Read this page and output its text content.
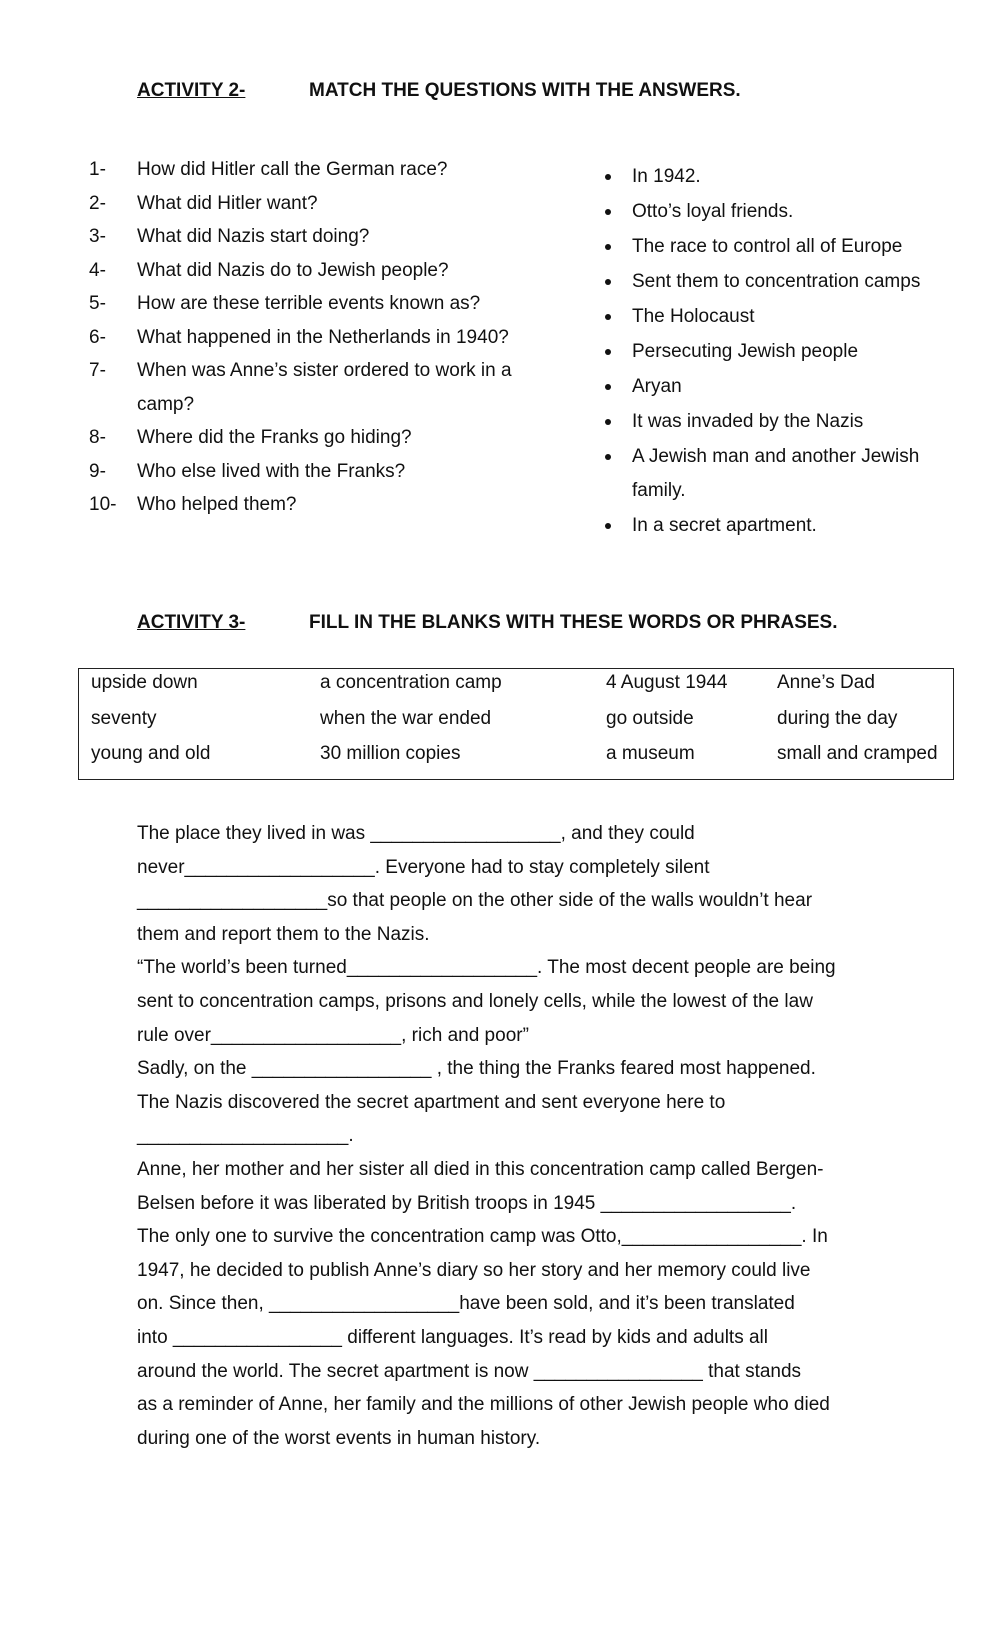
ACTIVITY 2-	MATCH THE QUESTIONS WITH THE ANSWERS.
1-	How did Hitler call the German race?
2-	What did Hitler want?
3-	What did Nazis start doing?
4-	What did Nazis do to Jewish people?
5-	How are these terrible events known as?
6-	What happened in the Netherlands in 1940?
7-	When was Anne’s sister ordered to work in a
camp?
8-	Where did the Franks go hiding?
9-	Who else lived with the Franks?
10-	Who helped them?
In 1942.
Otto’s loyal friends.
The race to control all of Europe
Sent them to concentration camps
The Holocaust
Persecuting Jewish people
Aryan
It was invaded by the Nazis
A Jewish man and another Jewish
family.
In a secret apartment.
ACTIVITY 3-	FILL IN THE BLANKS WITH THESE WORDS OR PHRASES.
upside down	a concentration camp	4 August 1944	Anne’s Dad
seventy	when the war ended	go outside	during the day
young and old	30 million copies	a museum	small and cramped
The place they lived in was __________________, and they could
never__________________. Everyone had to stay completely silent
__________________so that people on the other side of the walls wouldn’t hear
them and report them to the Nazis.
“The world’s been turned__________________. The most decent people are being
sent to concentration camps, prisons and lonely cells, while the lowest of the law
rule over__________________, rich and poor”
Sadly, on the _________________ , the thing the Franks feared most happened.
The Nazis discovered the secret apartment and sent everyone here to
____________________.
Anne, her mother and her sister all died in this concentration camp called Bergen-
Belsen before it was liberated by British troops in 1945 __________________.
The only one to survive the concentration camp was Otto,_________________. In
1947, he decided to publish Anne’s diary so her story and her memory could live
on. Since then, __________________have been sold, and it’s been translated
into ________________ different languages. It’s read by kids and adults all
around the world. The secret apartment is now ________________ that stands
as a reminder of Anne, her family and the millions of other Jewish people who died
during one of the worst events in human history.
